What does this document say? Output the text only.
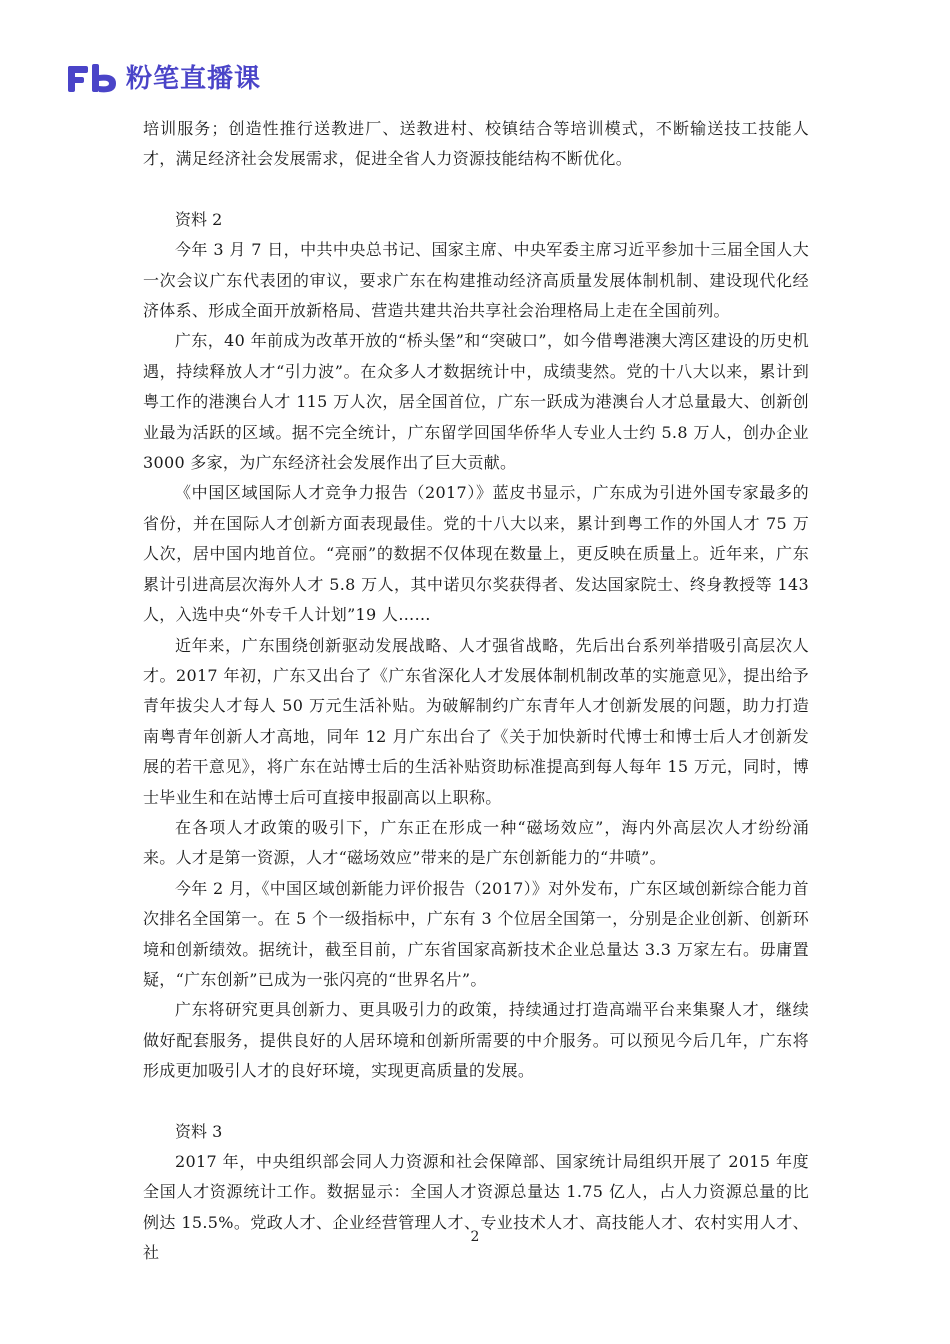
粉笔直播课

培训服务；创造性推行送教进厂、送教进村、校镇结合等培训模式，不断输送技工技能人才，满足经济社会发展需求，促进全省人力资源技能结构不断优化。

资料 2

今年 3 月 7 日，中共中央总书记、国家主席、中央军委主席习近平参加十三届全国人大一次会议广东代表团的审议，要求广东在构建推动经济高质量发展体制机制、建设现代化经济体系、形成全面开放新格局、营造共建共治共享社会治理格局上走在全国前列。

广东，40 年前成为改革开放的“桥头堡”和“突破口”，如今借粤港澳大湾区建设的历史机遇，持续释放人才“引力波”。在众多人才数据统计中，成绩斐然。党的十八大以来，累计到粤工作的港澳台人才 115 万人次，居全国首位，广东一跃成为港澳台人才总量最大、创新创业最为活跃的区域。据不完全统计，广东留学回国华侨华人专业人士约 5.8 万人，创办企业 3000 多家，为广东经济社会发展作出了巨大贡献。

《中国区域国际人才竞争力报告（2017）》蓝皮书显示，广东成为引进外国专家最多的省份，并在国际人才创新方面表现最佳。党的十八大以来，累计到粤工作的外国人才 75 万人次，居中国内地首位。“亮丽”的数据不仅体现在数量上，更反映在质量上。近年来，广东累计引进高层次海外人才 5.8 万人，其中诺贝尔奖获得者、发达国家院士、终身教授等 143 人，入选中央“外专千人计划”19 人……

近年来，广东围绕创新驱动发展战略、人才强省战略，先后出台系列举措吸引高层次人才。2017 年初，广东又出台了《广东省深化人才发展体制机制改革的实施意见》，提出给予青年拔尖人才每人 50 万元生活补贴。为破解制约广东青年人才创新发展的问题，助力打造南粤青年创新人才高地，同年 12 月广东出台了《关于加快新时代博士和博士后人才创新发展的若干意见》，将广东在站博士后的生活补贴资助标准提高到每人每年 15 万元，同时，博士毕业生和在站博士后可直接申报副高以上职称。

在各项人才政策的吸引下，广东正在形成一种“磁场效应”，海内外高层次人才纷纷涌来。人才是第一资源，人才“磁场效应”带来的是广东创新能力的“井喷”。

今年 2 月，《中国区域创新能力评价报告（2017）》对外发布，广东区域创新综合能力首次排名全国第一。在 5 个一级指标中，广东有 3 个位居全国第一，分别是企业创新、创新环境和创新绩效。据统计，截至目前，广东省国家高新技术企业总量达 3.3 万家左右。毋庸置疑，“广东创新”已成为一张闪亮的“世界名片”。

广东将研究更具创新力、更具吸引力的政策，持续通过打造高端平台来集聚人才，继续做好配套服务，提供良好的人居环境和创新所需要的中介服务。可以预见今后几年，广东将形成更加吸引人才的良好环境，实现更高质量的发展。

资料 3

2017 年，中央组织部会同人力资源和社会保障部、国家统计局组织开展了 2015 年度全国人才资源统计工作。数据显示：全国人才资源总量达 1.75 亿人，占人力资源总量的比例达 15.5%。党政人才、企业经营管理人才、专业技术人才、高技能人才、农村实用人才、社

2
